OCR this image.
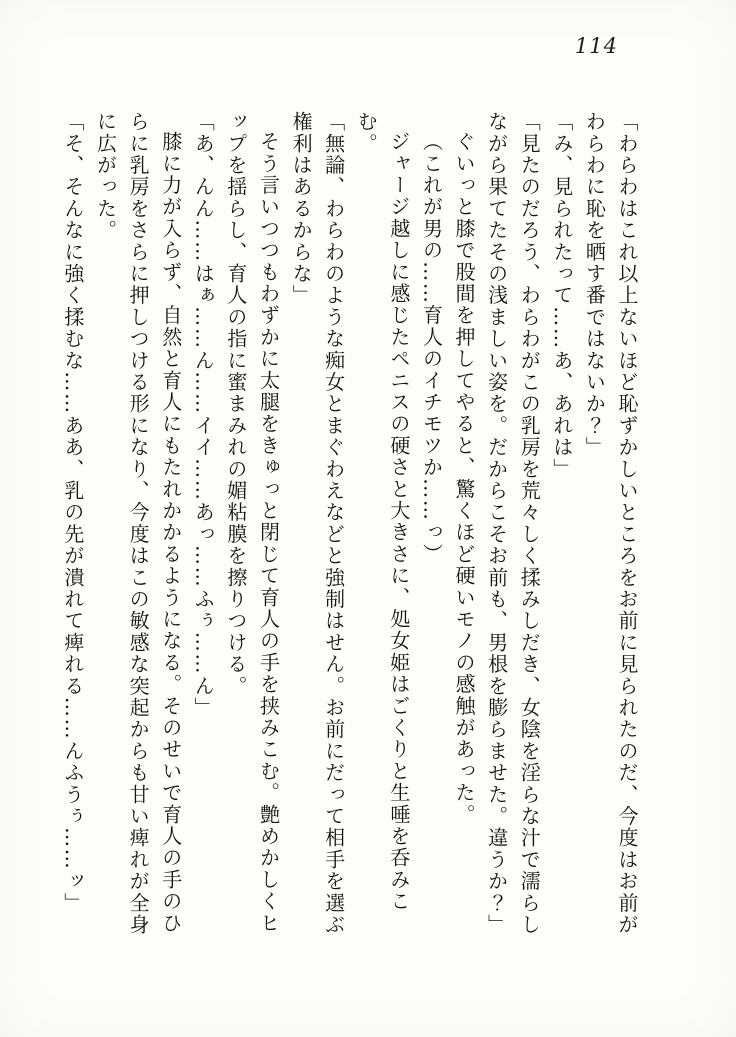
114

「わらわはこれ以上ないほど恥ずかしいところをお前に見られたのだ、今度はお前が

わらわに恥を晒す番ではないか？」

「み、見られたって……あ、あれは」

「見たのだろう、わらわがこの乳房を荒々しく揉みしだき、女陰を淫らな汁で濡らし

ながら果てたその浅ましい姿を。だからこそお前も、男根を膨らませた。違うか？」

ぐいっと膝で股間を押してやると、驚くほど硬いモノの感触があった。

（これが男の……育人のイチモツか……っ）

ジャージ越しに感じたペニスの硬さと大きさに、処女姫はごくりと生唾を呑みこむ。

「無論、わらわのような痴女とまぐわえなどと強制はせん。お前にだって相手を選ぶ

権利はあるからな」

そう言いつつもわずかに太腿をきゅっと閉じて育人の手を挟みこむ。艶めかしくヒ

ップを揺らし、育人の指に蜜まみれの媚粘膜を擦りつける。

「あ、んん……はぁ……ん……イイ……あっ……ふぅ……ん」

膝に力が入らず、自然と育人にもたれかかるようになる。そのせいで育人の手のひ

らに乳房をさらに押しつける形になり、今度はこの敏感な突起からも甘い痺れが全身

に広がった。

「そ、そんなに強く揉むな……ああ、乳の先が潰れて痺れる……んふうぅ……ッ」
